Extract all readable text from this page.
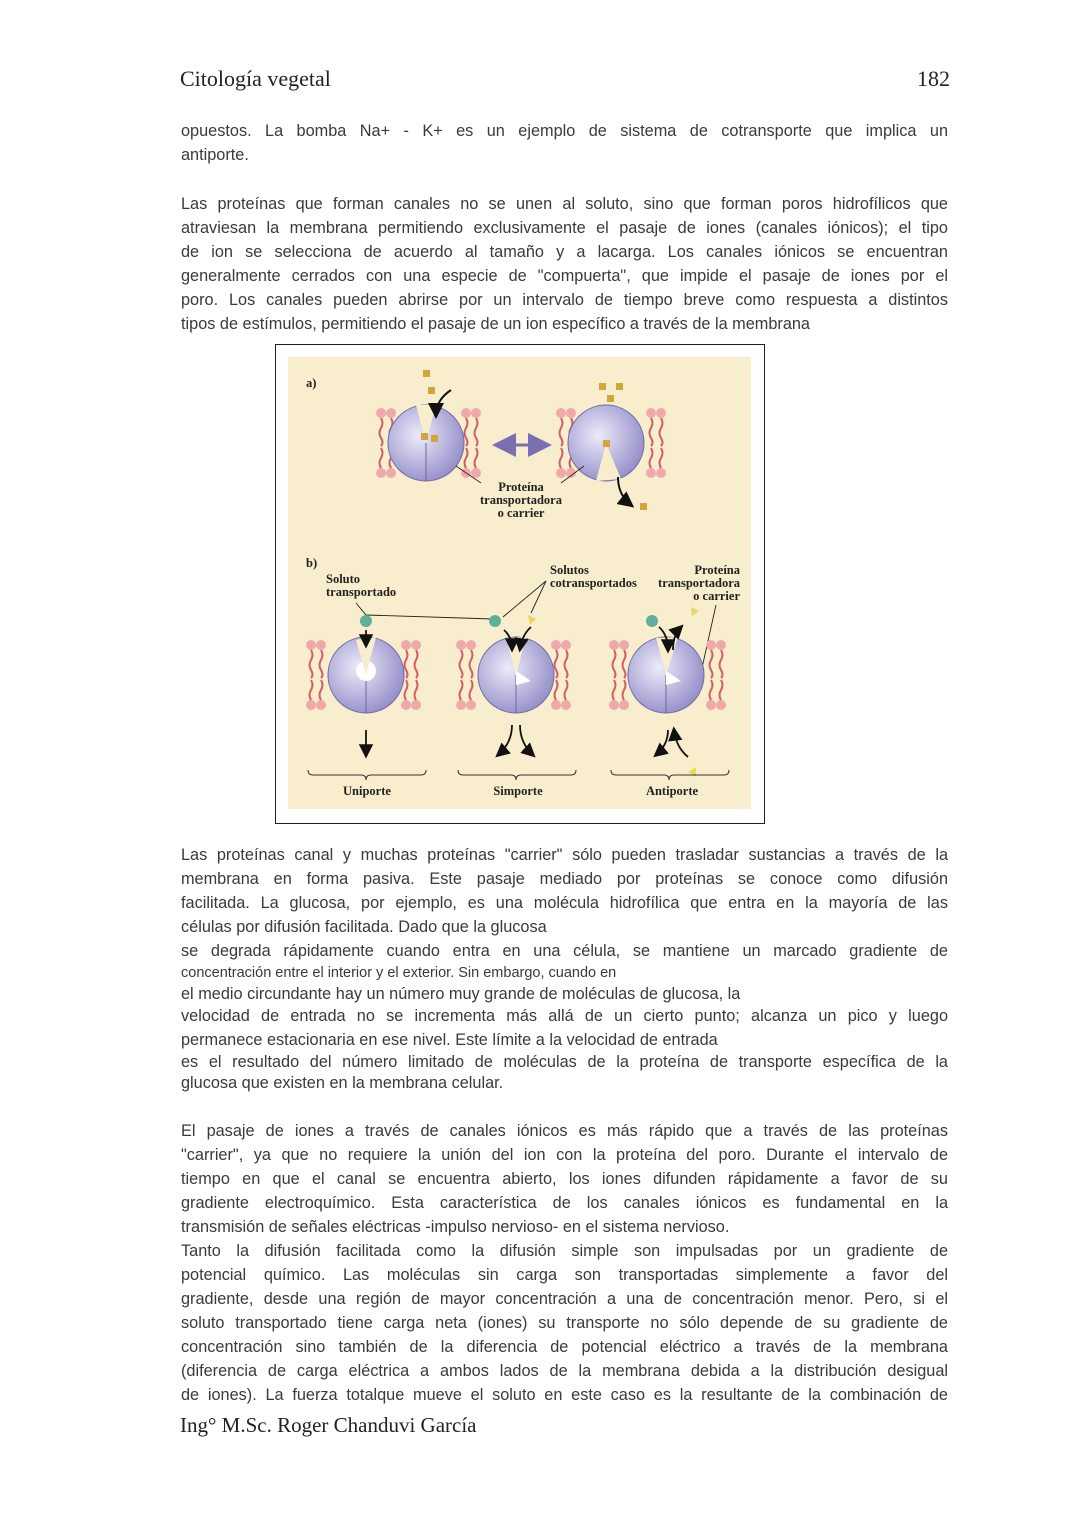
Citología vegetal	182
opuestos. La bomba Na+ - K+ es un ejemplo de sistema de cotransporte que implica un
antiporte.
Las proteínas que forman canales no se unen al soluto, sino que forman poros hidrofílicos que
atraviesan la membrana permitiendo exclusivamente el pasaje de iones (canales iónicos); el tipo
de ion se selecciona de acuerdo al tamaño y a lacarga. Los canales iónicos se encuentran
generalmente cerrados con una especie de "compuerta", que impide el pasaje de iones por el
poro. Los canales pueden abrirse por un intervalo de tiempo breve como respuesta a distintos
tipos de estímulos, permitiendo el pasaje de un ion específico a través de la membrana
a)
Proteína
transportadora
o carrier
b)
Soluto
transportado
Solutos
cotransportados
Proteína
transportadora
o carrier
Uniporte	Simporte	Antiporte
Las proteínas canal y muchas proteínas "carrier" sólo pueden trasladar sustancias a través de la
membrana en forma pasiva. Este pasaje mediado por proteínas se conoce como difusión
facilitada. La glucosa, por ejemplo, es una molécula hidrofílica que entra en la mayoría de las
células por difusión facilitada. Dado que la glucosa
se degrada rápidamente cuando entra en una célula, se mantiene un marcado gradiente de
concentración entre el interior y el exterior. Sin embargo, cuando en
el medio circundante hay un número muy grande de moléculas de glucosa, la
velocidad de entrada no se incrementa más allá de un cierto punto; alcanza un pico y luego
permanece estacionaria en ese nivel. Este límite a la velocidad de entrada
es el resultado del número limitado de moléculas de la proteína de transporte específica de la
glucosa que existen en la membrana celular.
El pasaje de iones a través de canales iónicos es más rápido que a través de las proteínas
"carrier", ya que no requiere la unión del ion con la proteína del poro. Durante el intervalo de
tiempo en que el canal se encuentra abierto, los iones difunden rápidamente a favor de su
gradiente electroquímico. Esta característica de los canales iónicos es fundamental en la
transmisión de señales eléctricas -impulso nervioso- en el sistema nervioso.
Tanto la difusión facilitada como la difusión simple son impulsadas por un gradiente de
potencial químico. Las moléculas sin carga son transportadas simplemente a favor del
gradiente, desde una región de mayor concentración a una de concentración menor. Pero, si el
soluto transportado tiene carga neta (iones) su transporte no sólo depende de su gradiente de
concentración sino también de la diferencia de potencial eléctrico a través de la membrana
(diferencia de carga eléctrica a ambos lados de la membrana debida a la distribución desigual
de iones). La fuerza totalque mueve el soluto en este caso es la resultante de la combinación de
Ing° M.Sc. Roger Chanduvi García
